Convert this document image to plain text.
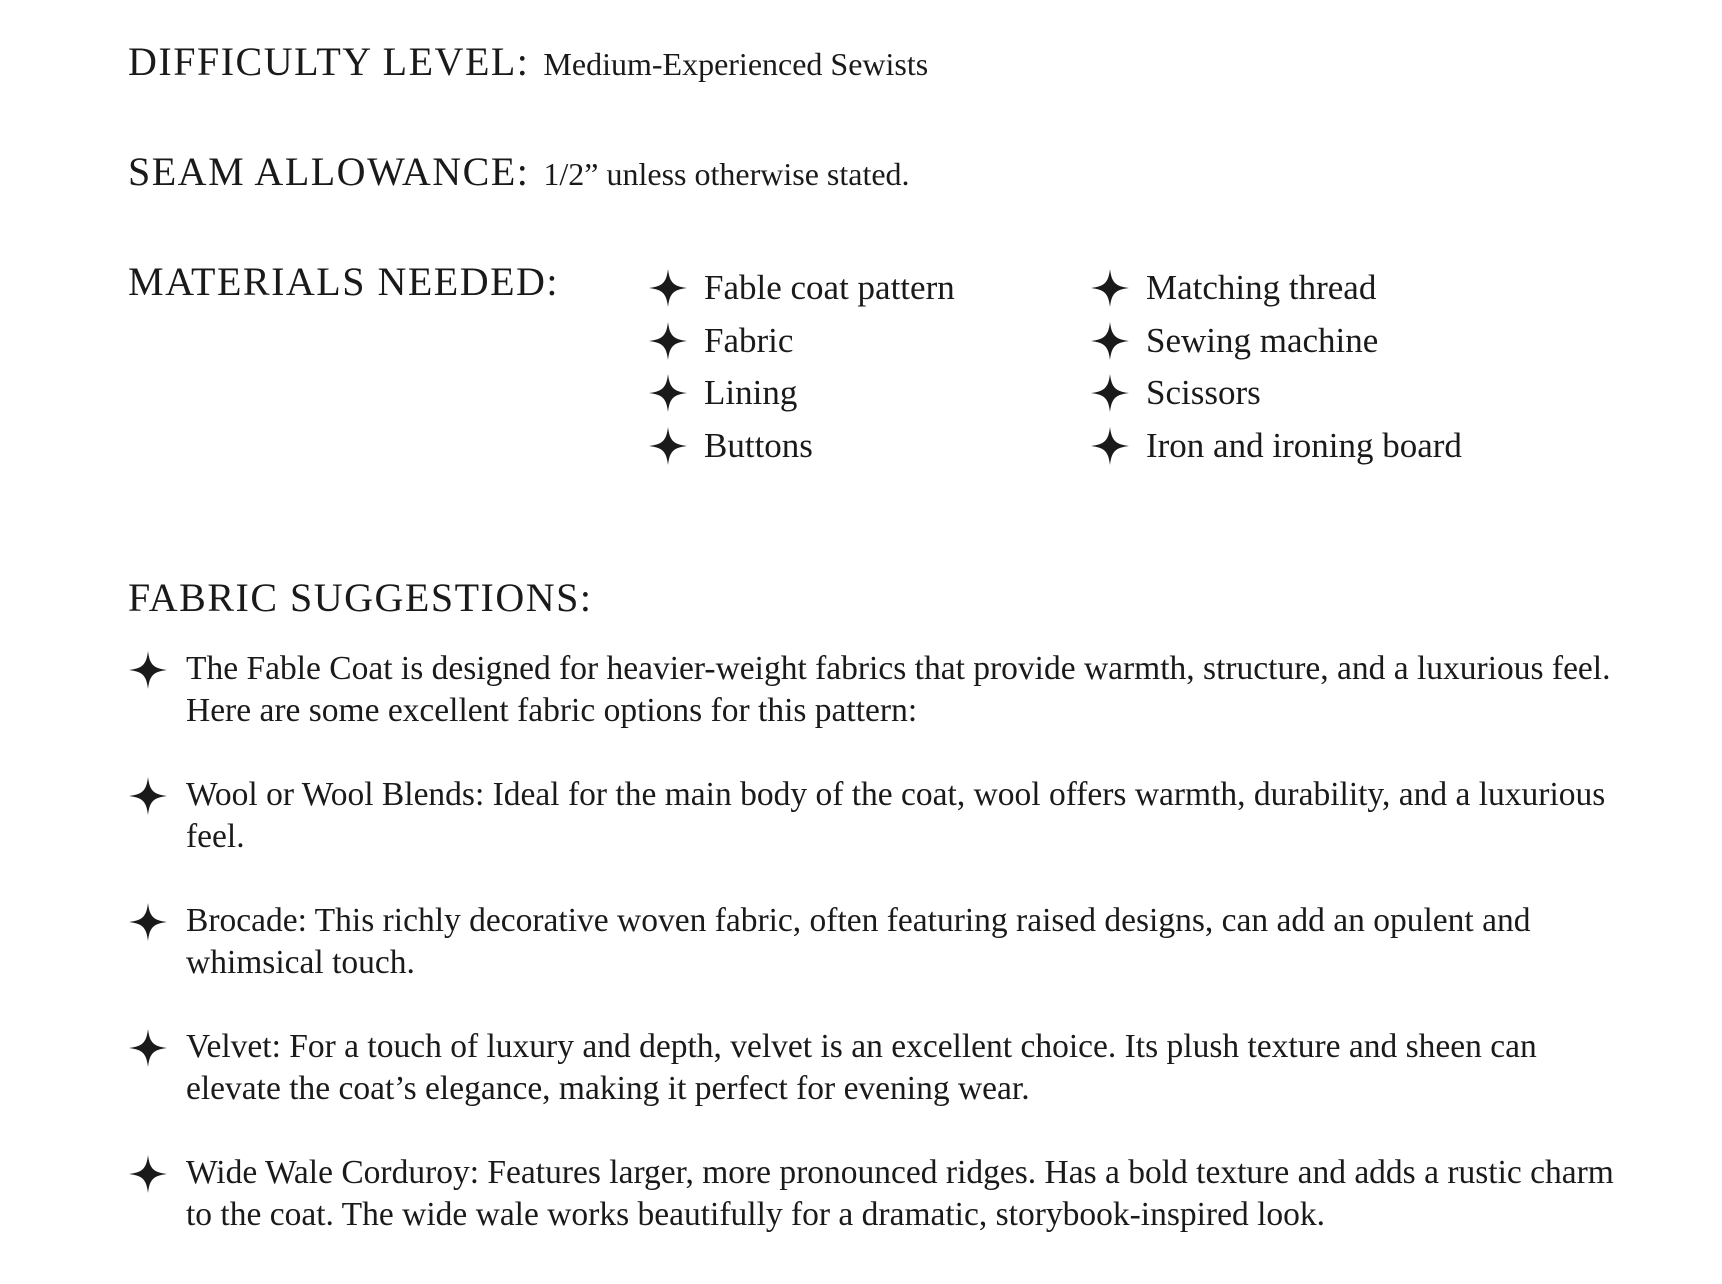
DIFFICULTY LEVEL: Medium-Experienced Sewists
SEAM ALLOWANCE: 1/2” unless otherwise stated.
MATERIALS NEEDED:	Fable coat pattern
Fabric
Lining
Buttons
Matching thread
Sewing machine
Scissors
Iron and ironing board
FABRIC SUGGESTIONS:
The Fable Coat is designed for heavier-weight fabrics that provide warmth, structure, and a luxurious feel. Here are some excellent fabric options for this pattern:
Wool or Wool Blends: Ideal for the main body of the coat, wool offers warmth, durability, and a luxurious feel.
Brocade: This richly decorative woven fabric, often featuring raised designs, can add an opulent and whimsical touch.
Velvet: For a touch of luxury and depth, velvet is an excellent choice. Its plush texture and sheen can elevate the coat’s elegance, making it perfect for evening wear.
Wide Wale Corduroy: Features larger, more pronounced ridges. Has a bold texture and adds a rustic charm to the coat. The wide wale works beautifully for a dramatic, storybook-inspired look.
